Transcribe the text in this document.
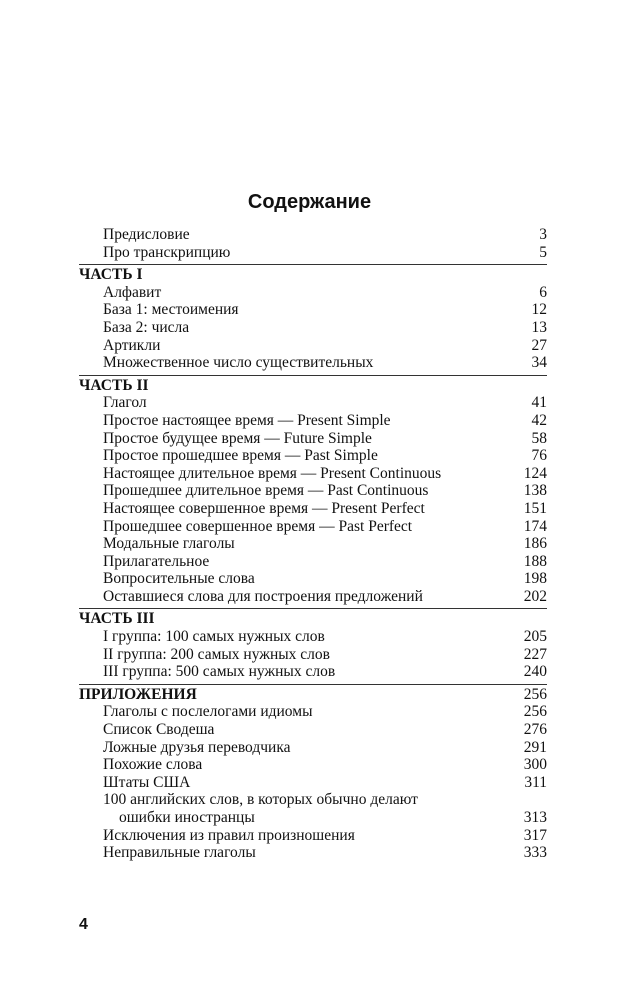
Содержание
Предисловие	3
Про транскрипцию	5
ЧАСТЬ I
Алфавит	6
База 1: местоимения	12
База 2: числа	13
Артикли	27
Множественное число существительных	34
ЧАСТЬ II
Глагол	41
Простое настоящее время — Present Simple	42
Простое будущее время — Future Simple	58
Простое прошедшее время — Past Simple	76
Настоящее длительное время — Present Continuous	124
Прошедшее длительное время — Past Continuous	138
Настоящее совершенное время — Present Perfect	151
Прошедшее совершенное время — Past Perfect	174
Модальные глаголы	186
Прилагательное	188
Вопросительные слова	198
Оставшиеся слова для построения предложений	202
ЧАСТЬ III
I группа: 100 самых нужных слов	205
II группа: 200 самых нужных слов	227
III группа: 500 самых нужных слов	240
ПРИЛОЖЕНИЯ	256
Глаголы с послелогами идиомы	256
Список Сводеша	276
Ложные друзья переводчика	291
Похожие слова	300
Штаты США	311
100 английских слов, в которых обычно делают
ошибки иностранцы	313
Исключения из правил произношения	317
Неправильные глаголы	333
4
